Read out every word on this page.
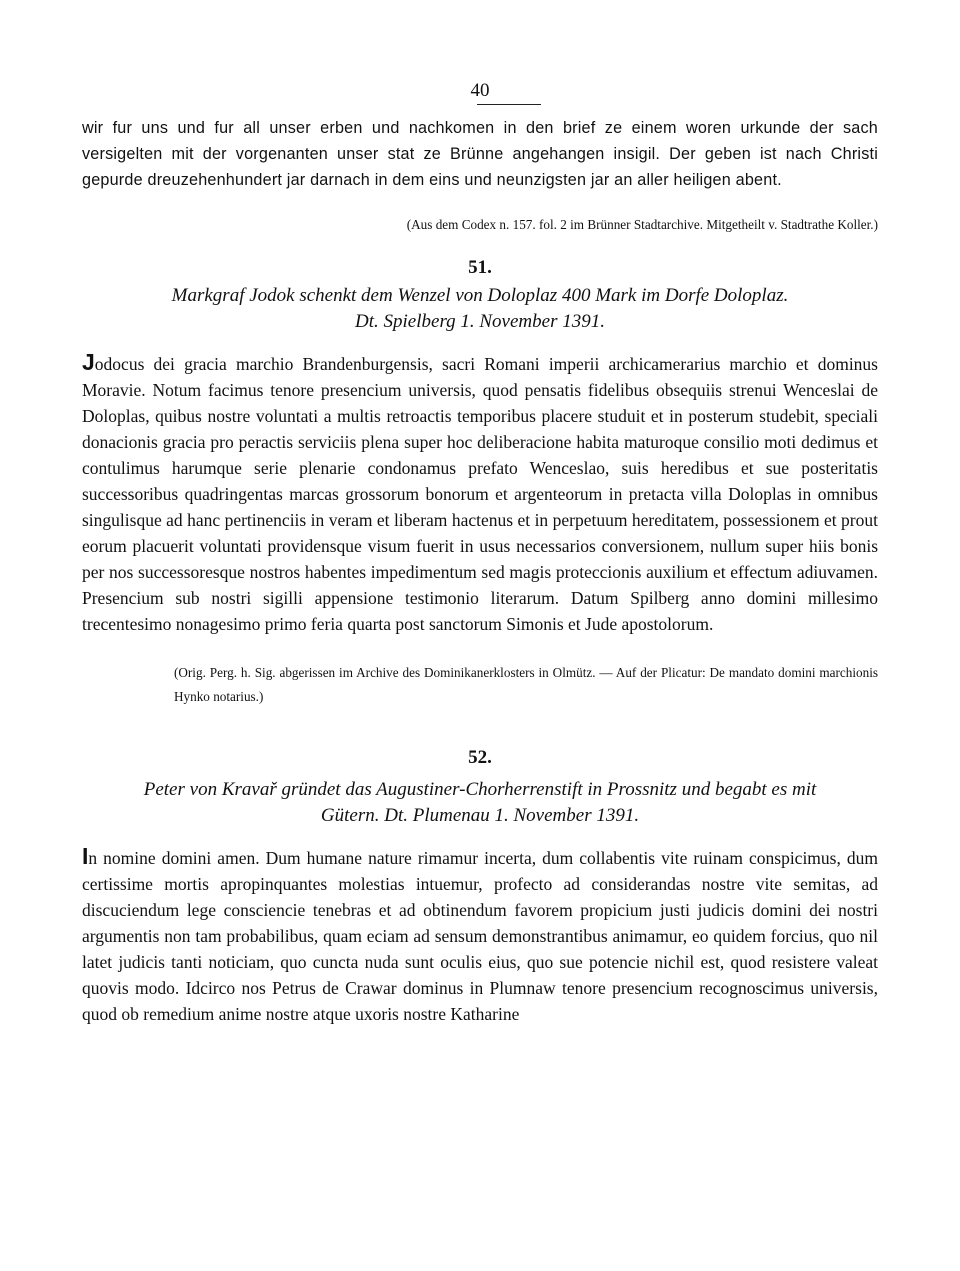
40

wir fur uns und fur all unser erben und nachkomen in den brief ze einem woren urkunde der sach versigelten mit der vorgenanten unser stat ze Brünne angehangen insigil. Der geben ist nach Christi gepurde dreuzehenhundert jar darnach in dem eins und neunzigsten jar an aller heiligen abent.

(Aus dem Codex n. 157. fol. 2 im Brünner Stadtarchive. Mitgetheilt v. Stadtrathe Koller.)

51.

Markgraf Jodok schenkt dem Wenzel von Doloplaz 400 Mark im Dorfe Doloplaz.

Dt. Spielberg 1. November 1391.

Jodocus dei gracia marchio Brandenburgensis, sacri Romani imperii archicamerarius marchio et dominus Moravie. Notum facimus tenore presencium universis, quod pensatis fidelibus obsequiis strenui Wenceslai de Doloplas, quibus nostre voluntati a multis retroactis temporibus placere studuit et in posterum studebit, speciali donacionis gracia pro peractis serviciis plena super hoc deliberacione habita maturoque consilio moti dedimus et contulimus harumque serie plenarie condonamus prefato Wenceslao, suis heredibus et sue posteritatis successoribus quadringentas marcas grossorum bonorum et argenteorum in pretacta villa Doloplas in omnibus singulisque ad hanc pertinenciis in veram et liberam hactenus et in perpetuum hereditatem, possessionem et prout eorum placuerit voluntati providensque visum fuerit in usus necessarios conversionem, nullum super hiis bonis per nos successoresque nostros habentes impedimentum sed magis proteccionis auxilium et effectum adiuvamen. Presencium sub nostri sigilli appensione testimonio literarum. Datum Spilberg anno domini millesimo trecentesimo nonagesimo primo feria quarta post sanctorum Simonis et Jude apostolorum.

(Orig. Perg. h. Sig. abgerissen im Archive des Dominikanerklosters in Olmütz. — Auf der Plicatur: De mandato domini marchionis Hynko notarius.)

52.

Peter von Kravař gründet das Augustiner-Chorherrenstift in Prossnitz und begabt es mit

Gütern. Dt. Plumenau 1. November 1391.

In nomine domini amen. Dum humane nature rimamur incerta, dum collabentis vite ruinam conspicimus, dum certissime mortis apropinquantes molestias intuemur, profecto ad considerandas nostre vite semitas, ad discuciendum lege consciencie tenebras et ad obtinendum favorem propicium justi judicis domini dei nostri argumentis non tam probabilibus, quam eciam ad sensum demonstrantibus animamur, eo quidem forcius, quo nil latet judicis tanti noticiam, quo cuncta nuda sunt oculis eius, quo sue potencie nichil est, quod resistere valeat quovis modo. Idcirco nos Petrus de Crawar dominus in Plumnaw tenore presencium recognoscimus universis, quod ob remedium anime nostre atque uxoris nostre Katharine
